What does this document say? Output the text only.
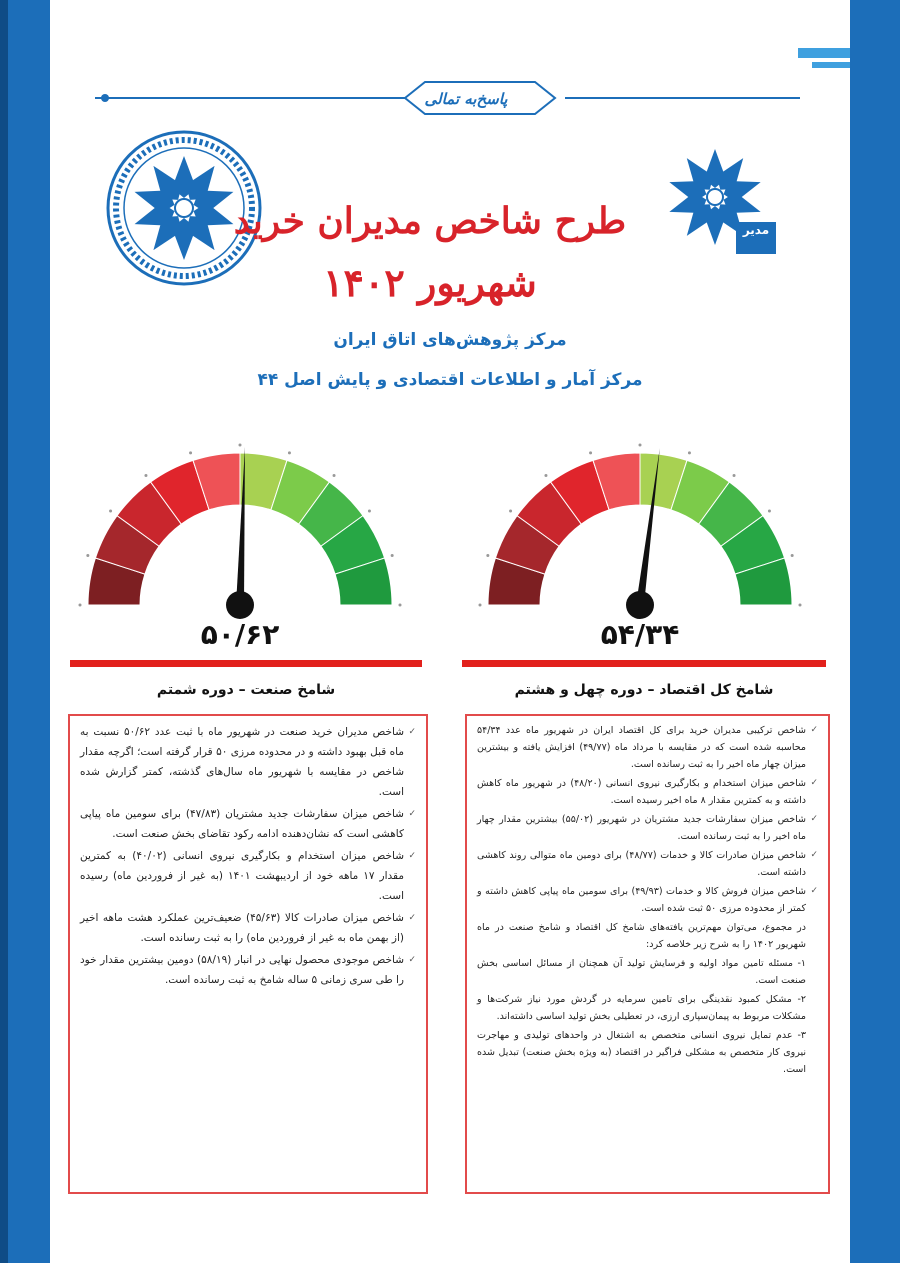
پاسخ‌به تمالی
مدیر
طرح شاخص مدیران خرید
شهریور ۱۴۰۲
مرکز پژوهش‌های اتاق ایران
مرکز آمار و اطلاعات اقتصادی و پایش اصل ۴۴
۵۰/۶۲	۵۴/۳۴
شامخ صنعت – دوره شمتم	شامخ کل اقتصاد – دوره چهل و هشتم

✓ شاخص مدیران خرید صنعت در شهریور ماه با ثبت عدد ۵۰/۶۲ نسبت به ماه قبل بهبود داشته و در محدوده مرزی ۵۰ قرار گرفته است؛ اگرچه مقدار شاخص در مقایسه با شهریور ماه سال‌های گذشته، کمتر گزارش شده است.

✓ شاخص میزان سفارشات جدید مشتریان (۴۷/۸۳) برای سومین ماه پیاپی کاهشی است که نشان‌دهنده ادامه رکود تقاضای بخش صنعت است.

✓ شاخص میزان استخدام و بکارگیری نیروی انسانی (۴۰/۰۲) به کمترین مقدار ۱۷ ماهه خود از اردیبهشت ۱۴۰۱ (به غیر از فروردین ماه) رسیده است.

✓ شاخص میزان صادرات کالا (۴۵/۶۳) ضعیف‌ترین عملکرد هشت ماهه اخیر (از بهمن ماه به غیر از فروردین ماه) را به ثبت رسانده است.

✓ شاخص موجودی محصول نهایی در انبار (۵۸/۱۹) دومین بیشترین مقدار خود را طی سری زمانی ۵ ساله شامخ به ثبت رسانده است.

✓ شاخص ترکیبی مدیران خرید برای کل اقتصاد ایران در شهریور ماه عدد ۵۴/۳۴ محاسبه شده است که در مقایسه با مرداد ماه (۴۹/۷۷) افزایش یافته و بیشترین میزان چهار ماه اخیر را به ثبت رسانده است.

✓ شاخص میزان استخدام و بکارگیری نیروی انسانی (۴۸/۲۰) در شهریور ماه کاهش داشته و به کمترین مقدار ۸ ماه اخیر رسیده است.

✓ شاخص میزان سفارشات جدید مشتریان در شهریور (۵۵/۰۲) بیشترین مقدار چهار ماه اخیر را به ثبت رسانده است.

✓ شاخص میزان صادرات کالا و خدمات (۴۸/۷۷) برای دومین ماه متوالی روند کاهشی داشته است.

✓ شاخص میزان فروش کالا و خدمات (۴۹/۹۳) برای سومین ماه پیاپی کاهش داشته و کمتر از محدوده مرزی ۵۰ ثبت شده است.

در مجموع، می‌توان مهم‌ترین یافته‌های شامخ کل اقتصاد و شامخ صنعت در ماه شهریور ۱۴۰۲ را به شرح زیر خلاصه کرد:

۱- مسئله تامین مواد اولیه و فرسایش تولید آن همچنان از مسائل اساسی بخش صنعت است.

۲- مشکل کمبود نقدینگی برای تامین سرمایه در گردش مورد نیاز شرکت‌ها و مشکلات مربوط به پیمان‌سپاری ارزی، در تعطیلی بخش تولید اساسی داشته‌اند.

۳- عدم تمایل نیروی انسانی متخصص به اشتغال در واحدهای تولیدی و مهاجرت نیروی کار متخصص به مشکلی فراگیر در اقتصاد (به ویژه بخش صنعت) تبدیل شده است.
